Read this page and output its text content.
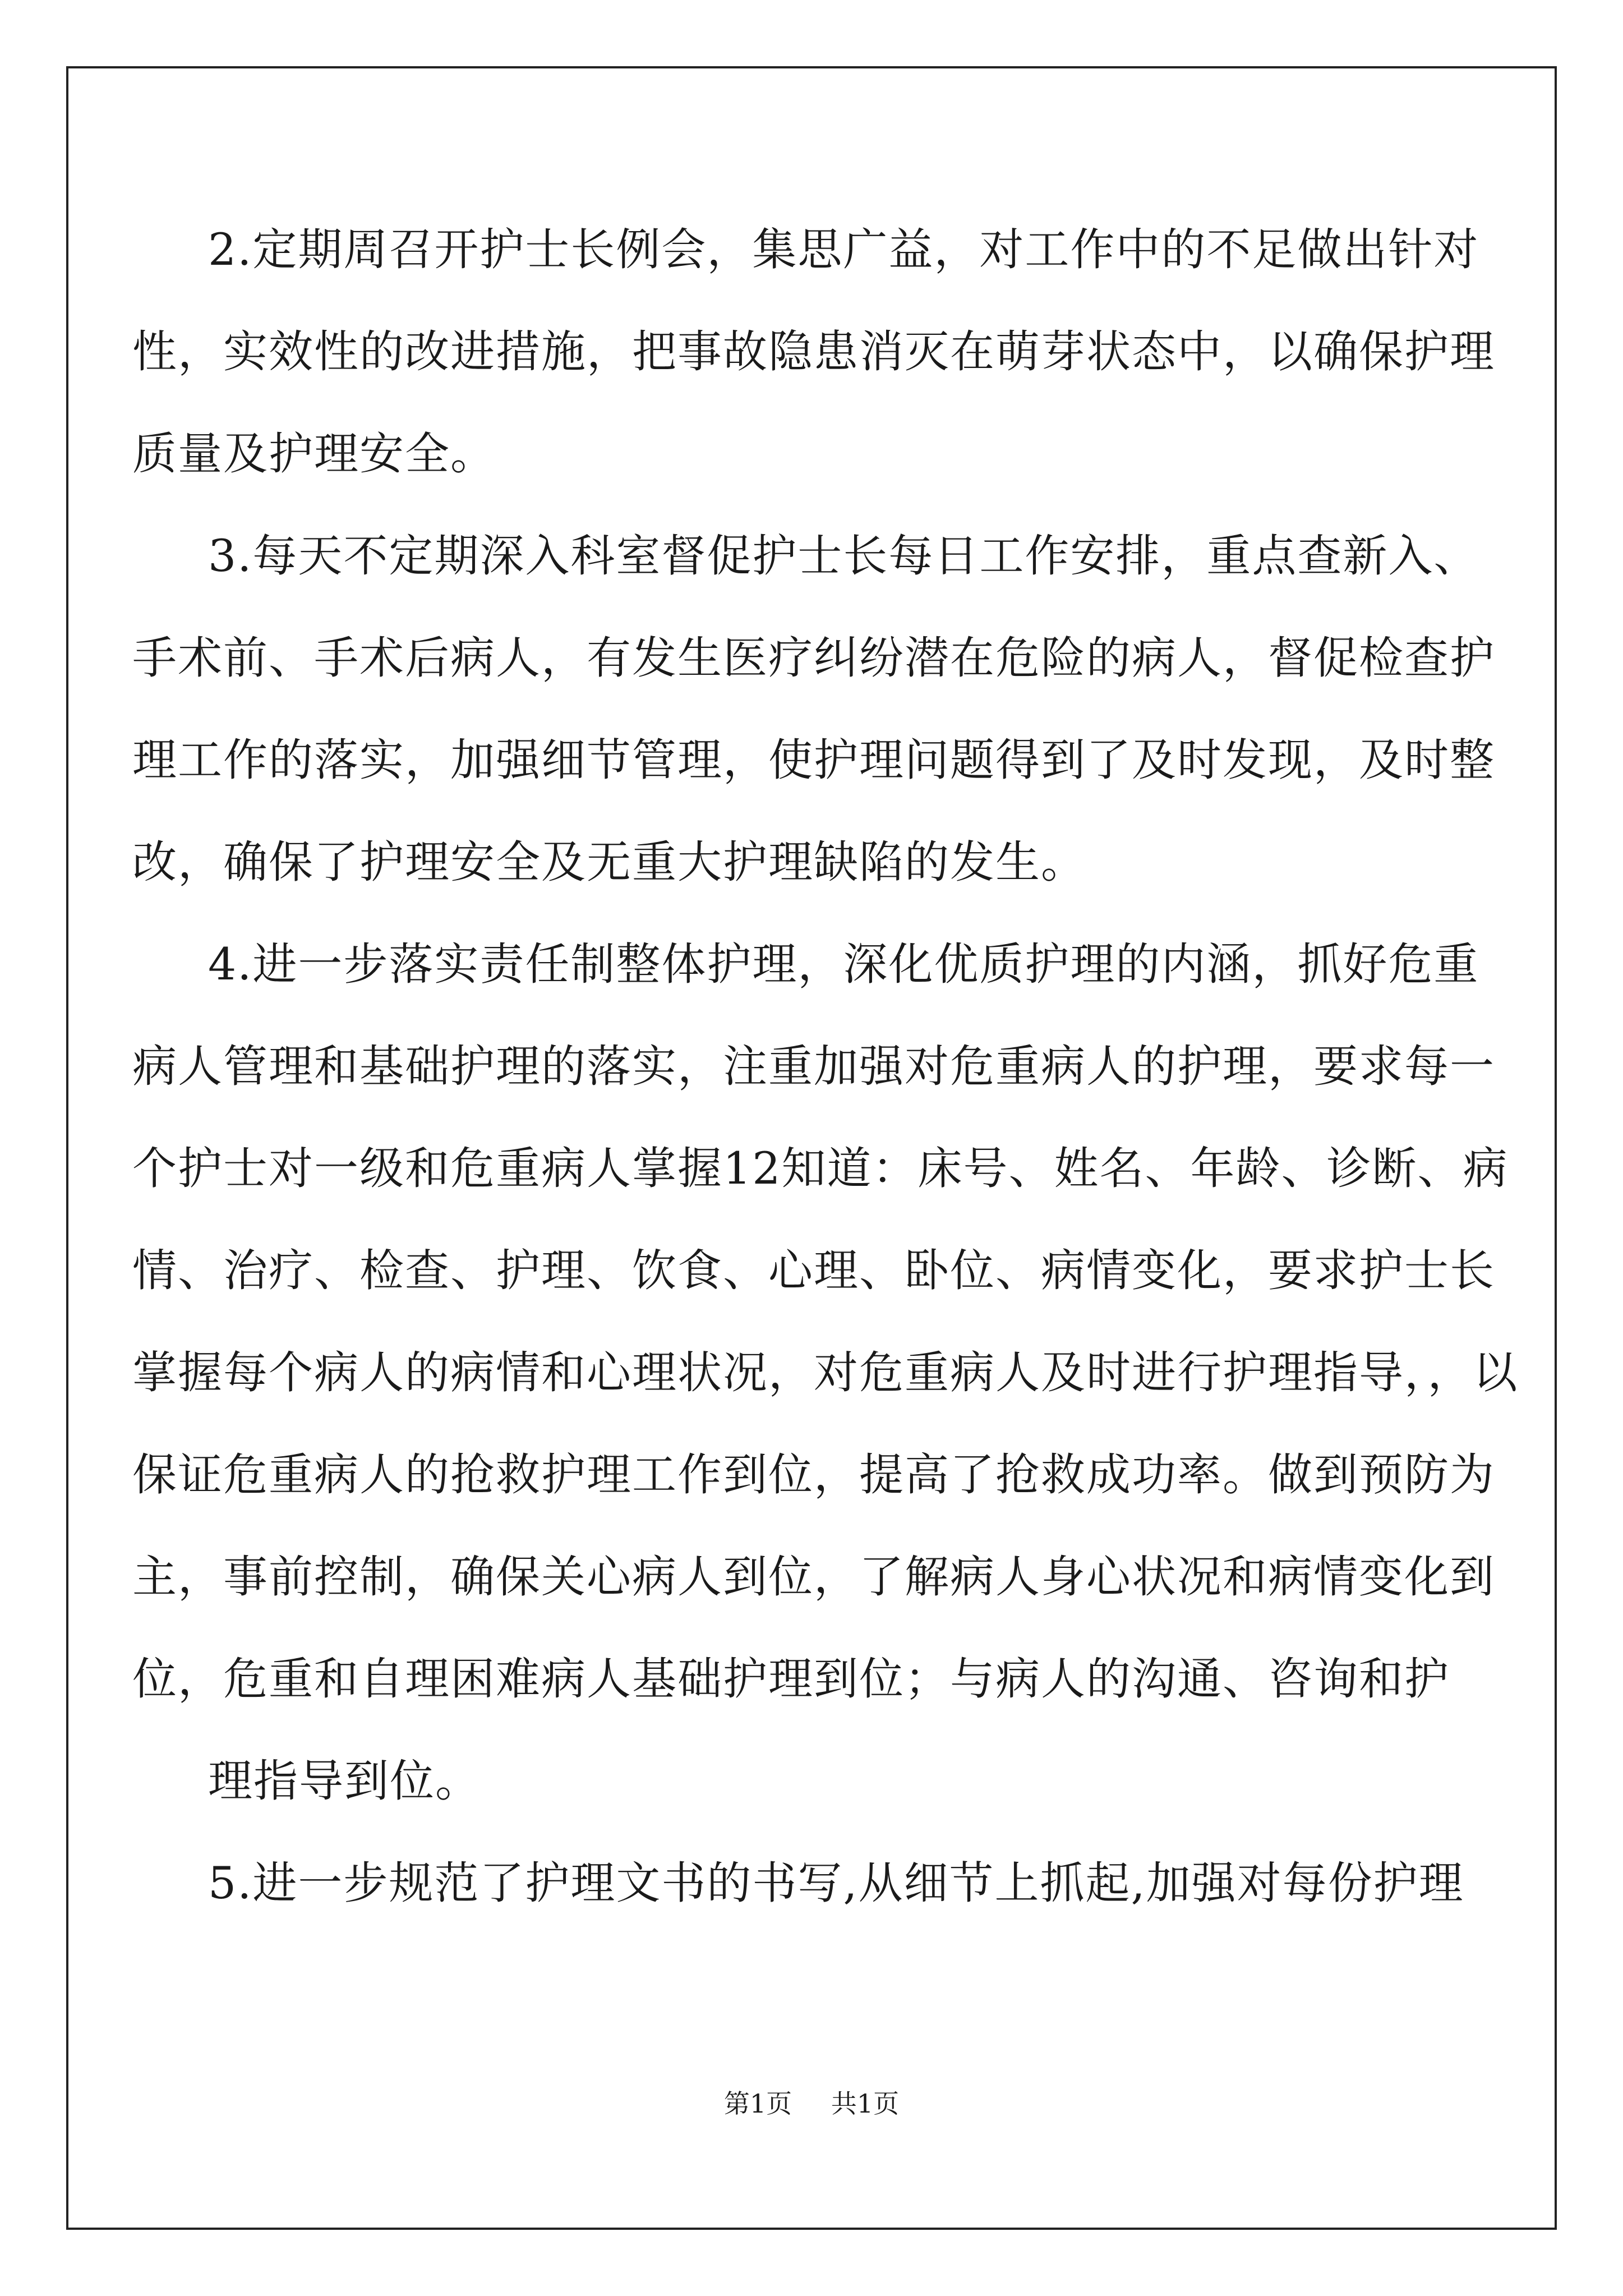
2.定期周召开护士长例会，集思广益，对工作中的不足做出针对
性，实效性的改进措施，把事故隐患消灭在萌芽状态中，以确保护理
质量及护理安全。
3.每天不定期深入科室督促护士长每日工作安排，重点查新入、
手术前、手术后病人，有发生医疗纠纷潜在危险的病人，督促检查护
理工作的落实，加强细节管理，使护理问题得到了及时发现，及时整
改，确保了护理安全及无重大护理缺陷的发生。
4.进一步落实责任制整体护理，深化优质护理的内涵，抓好危重
病人管理和基础护理的落实，注重加强对危重病人的护理，要求每一
个护士对一级和危重病人掌握12知道：床号、姓名、年龄、诊断、病
情、治疗、检查、护理、饮食、心理、卧位、病情变化，要求护士长
掌握每个病人的病情和心理状况，对危重病人及时进行护理指导，，以
保证危重病人的抢救护理工作到位，提高了抢救成功率。做到预防为
主，事前控制，确保关心病人到位，了解病人身心状况和病情变化到
位，危重和自理困难病人基础护理到位；与病人的沟通、咨询和护
理指导到位。
5.进一步规范了护理文书的书写,从细节上抓起,加强对每份护理
第1页 共1页
